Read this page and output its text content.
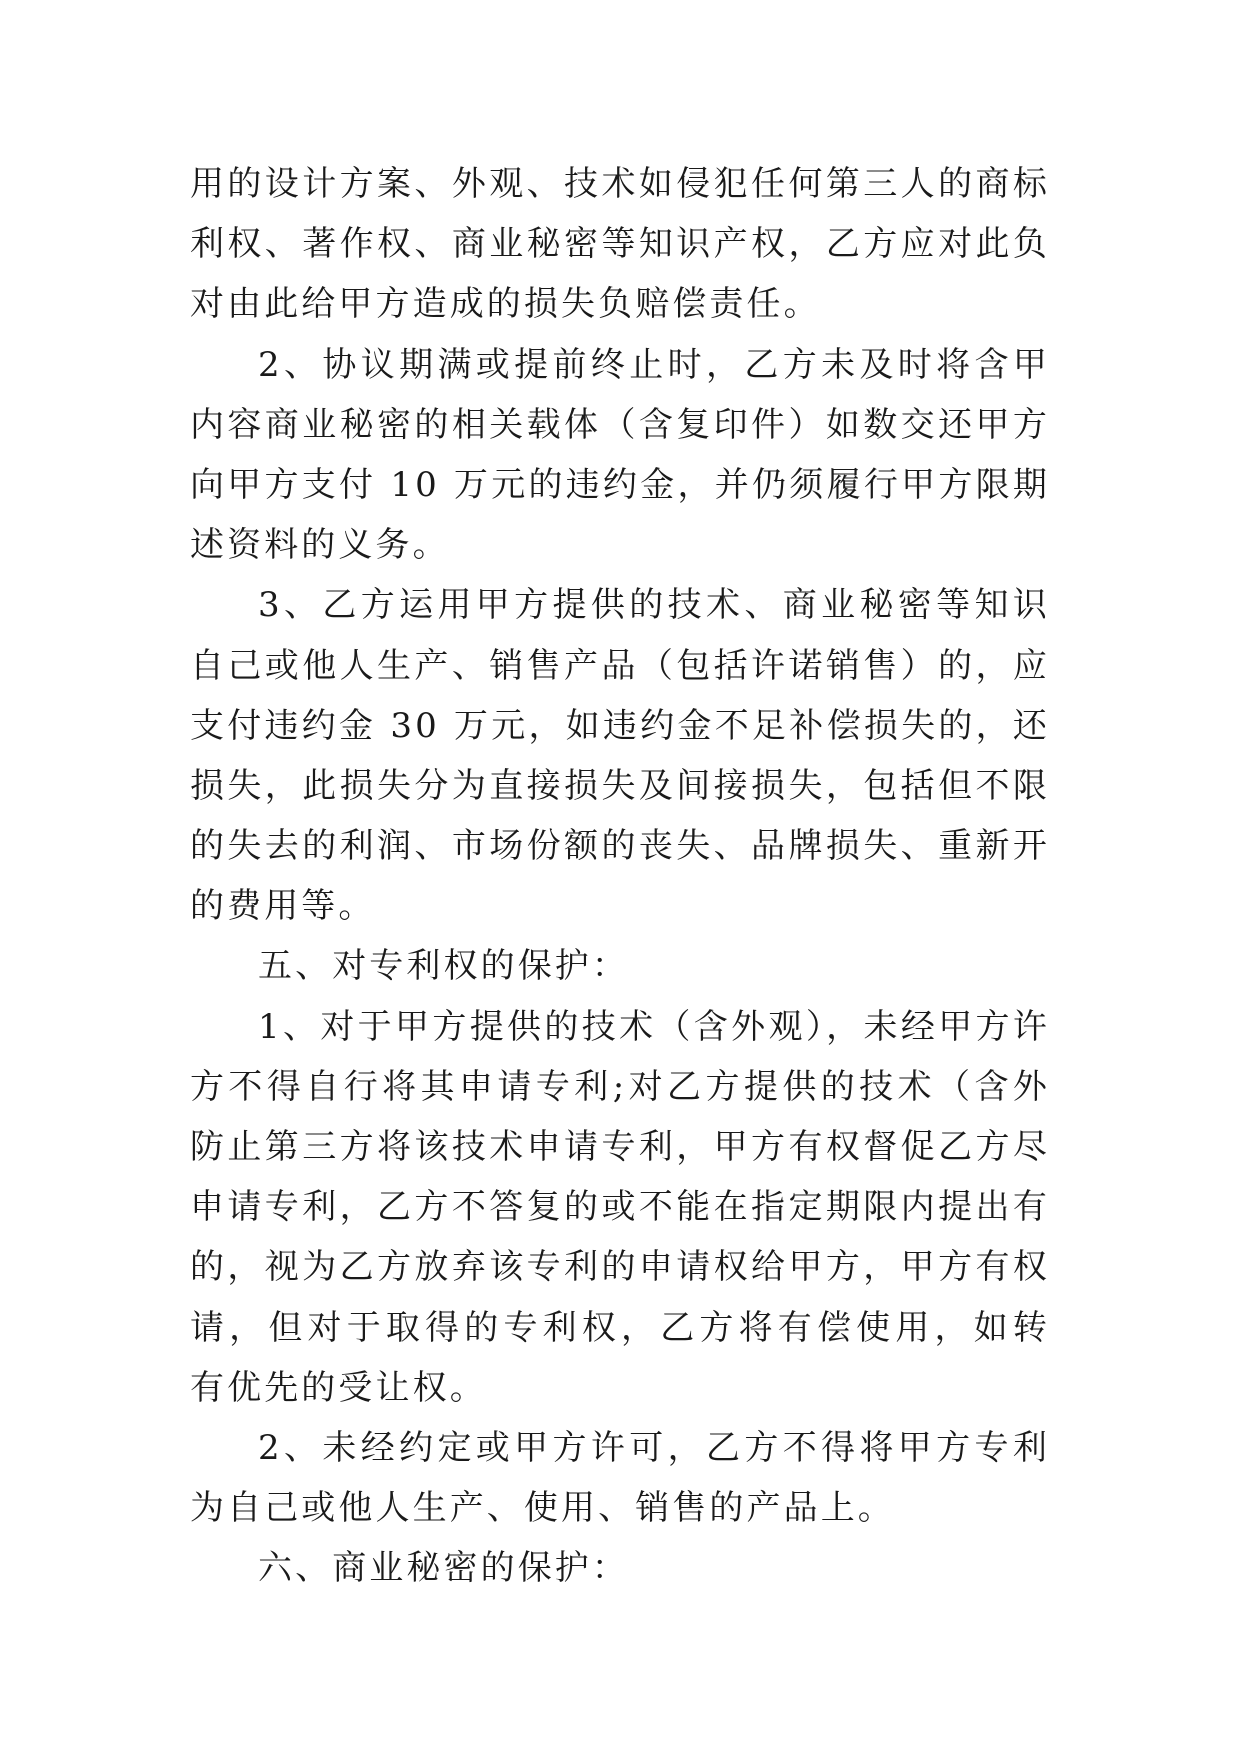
用的设计方案、外观、技术如侵犯任何第三人的商标
利权、著作权、商业秘密等知识产权，乙方应对此负
对由此给甲方造成的损失负赔偿责任。
2、协议期满或提前终止时，乙方未及时将含甲
内容商业秘密的相关载体（含复印件）如数交还甲方
向甲方支付 10 万元的违约金，并仍须履行甲方限期
述资料的义务。
3、乙方运用甲方提供的技术、商业秘密等知识
自己或他人生产、销售产品（包括许诺销售）的，应
支付违约金 30 万元，如违约金不足补偿损失的，还
损失，此损失分为直接损失及间接损失，包括但不限
的失去的利润、市场份额的丧失、品牌损失、重新开
的费用等。
五、对专利权的保护：
1、对于甲方提供的技术（含外观），未经甲方许
方不得自行将其申请专利;对乙方提供的技术（含外
防止第三方将该技术申请专利，甲方有权督促乙方尽
申请专利，乙方不答复的或不能在指定期限内提出有
的，视为乙方放弃该专利的申请权给甲方，甲方有权
请，但对于取得的专利权，乙方将有偿使用，如转
有优先的受让权。
2、未经约定或甲方许可，乙方不得将甲方专利
为自己或他人生产、使用、销售的产品上。
六、商业秘密的保护：
